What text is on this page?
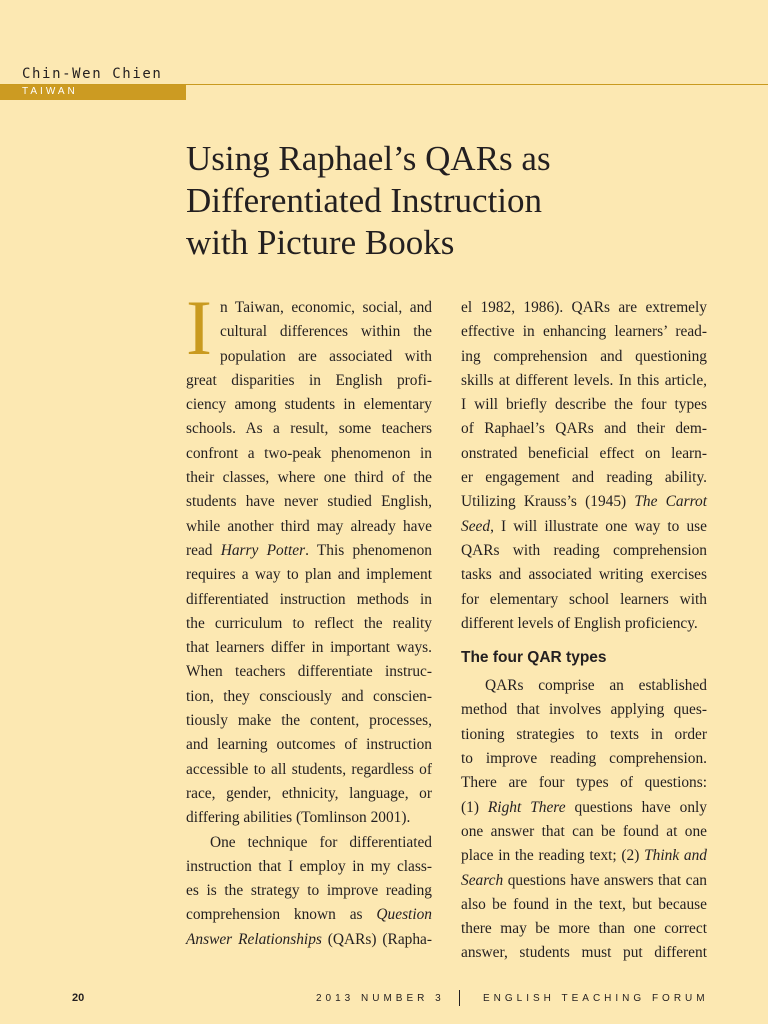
Chin-Wen Chien
TAIWAN
Using Raphael’s QARs as
Differentiated Instruction
with Picture Books
I n Taiwan, economic, social, and
cultural differences within the
population are associated with
great disparities in English profi-
ciency among students in elementary
schools. As a result, some teachers
confront a two-peak phenomenon in
their classes, where one third of the
students have never studied English,
while another third may already have
read Harry Potter. This phenomenon
requires a way to plan and implement
differentiated instruction methods in
the curriculum to reflect the reality
that learners differ in important ways.
When teachers differentiate instruc-
tion, they consciously and conscien-
tiously make the content, processes,
and learning outcomes of instruction
accessible to all students, regardless of
race, gender, ethnicity, language, or
differing abilities (Tomlinson 2001).

One technique for differentiated
instruction that I employ in my class-
es is the strategy to improve reading
comprehension known as Question
Answer Relationships (QARs) (Rapha-

el 1982, 1986). QARs are extremely
effective in enhancing learners’ read-
ing comprehension and questioning
skills at different levels. In this article,
I will briefly describe the four types
of Raphael’s QARs and their dem-
onstrated beneficial effect on learn-
er engagement and reading ability.
Utilizing Krauss’s (1945) The Carrot
Seed, I will illustrate one way to use
QARs with reading comprehension
tasks and associated writing exercises
for elementary school learners with
different levels of English proficiency.

The four QAR types

QARs comprise an established
method that involves applying ques-
tioning strategies to texts in order
to improve reading comprehension.
There are four types of questions:
(1) Right There questions have only
one answer that can be found at one
place in the reading text; (2) Think and
Search questions have answers that can
also be found in the text, but because
there may be more than one correct
answer, students must put different

20	2013 NUMBER 3	ENGLISH TEACHING FORUM
